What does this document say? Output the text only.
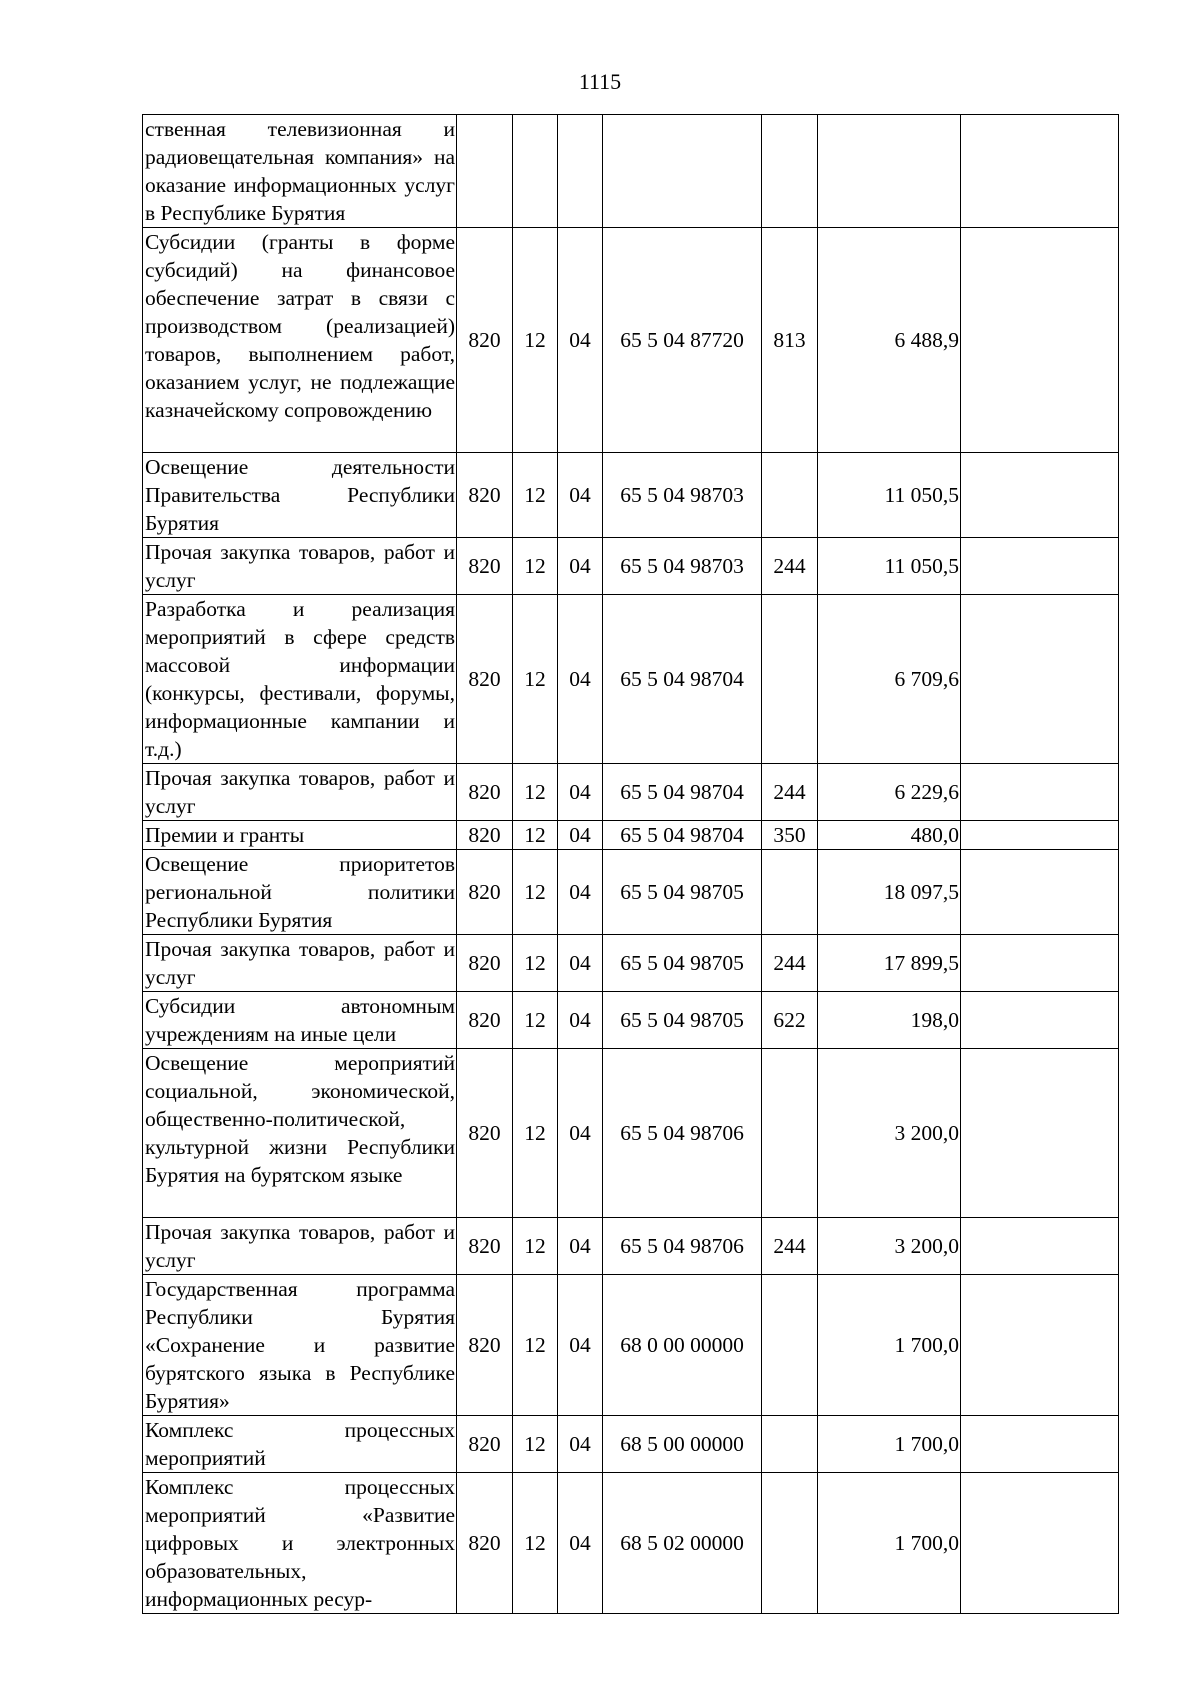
1115
ственная телевизионная и радиовещательная компания» на оказание информационных услуг в Республике Бурятия							
Субсидии (гранты в форме субсидий) на финансовое обеспечение затрат в связи с производством (реализацией) товаров, выполнением работ, оказанием услуг, не подлежащие казначейскому сопровождению	820	12	04	65 5 04 87720	813	6 488,9	
Освещение деятельности Правительства Республики Бурятия	820	12	04	65 5 04 98703		11 050,5	
Прочая закупка товаров, работ и услуг	820	12	04	65 5 04 98703	244	11 050,5	
Разработка и реализация мероприятий в сфере средств массовой информации (конкурсы, фестивали, форумы, информационные кампании и т.д.)	820	12	04	65 5 04 98704		6 709,6	
Прочая закупка товаров, работ и услуг	820	12	04	65 5 04 98704	244	6 229,6	
Премии и гранты	820	12	04	65 5 04 98704	350	480,0	
Освещение приоритетов региональной политики Республики Бурятия	820	12	04	65 5 04 98705		18 097,5	
Прочая закупка товаров, работ и услуг	820	12	04	65 5 04 98705	244	17 899,5	
Субсидии автономным учреждениям на иные цели	820	12	04	65 5 04 98705	622	198,0	
Освещение мероприятий социальной, экономической, общественно-политической, культурной жизни Республики Бурятия на бурятском языке	820	12	04	65 5 04 98706		3 200,0	
Прочая закупка товаров, работ и услуг	820	12	04	65 5 04 98706	244	3 200,0	
Государственная программа Республики Бурятия «Сохранение и развитие бурятского языка в Республике Бурятия»	820	12	04	68 0 00 00000		1 700,0	
Комплекс процессных мероприятий	820	12	04	68 5 00 00000		1 700,0	
Комплекс процессных мероприятий «Развитие цифровых и электронных образовательных, информационных ресур-	820	12	04	68 5 02 00000		1 700,0	
